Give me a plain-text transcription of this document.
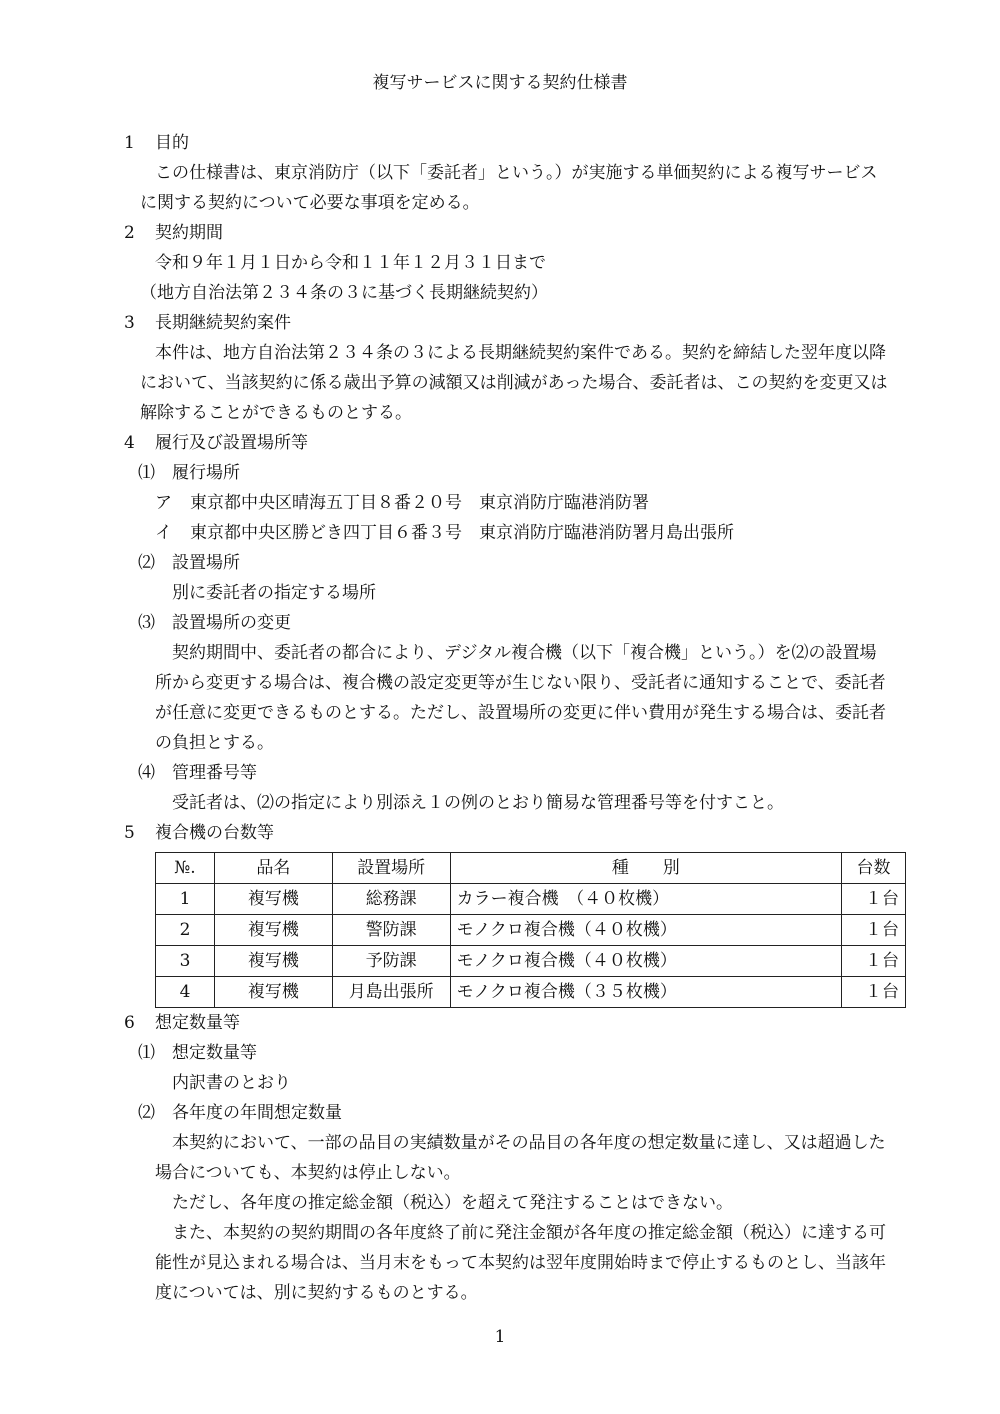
複写サービスに関する契約仕様書
1 目的
この仕様書は、東京消防庁（以下「委託者」という。）が実施する単価契約による複写サービス
に関する契約について必要な事項を定める。
2 契約期間
令和９年１月１日から令和１１年１２月３１日まで
（地方自治法第２３４条の３に基づく長期継続契約）
3 長期継続契約案件
本件は、地方自治法第２３４条の３による長期継続契約案件である。契約を締結した翌年度以降
において、当該契約に係る歳出予算の減額又は削減があった場合、委託者は、この契約を変更又は
解除することができるものとする。
4 履行及び設置場所等
⑴ 履行場所
ア 東京都中央区晴海五丁目８番２０号　東京消防庁臨港消防署
イ 東京都中央区勝どき四丁目６番３号　東京消防庁臨港消防署月島出張所
⑵ 設置場所
別に委託者の指定する場所
⑶ 設置場所の変更
契約期間中、委託者の都合により、デジタル複合機（以下「複合機」という。）を⑵の設置場
所から変更する場合は、複合機の設定変更等が生じない限り、受託者に通知することで、委託者
が任意に変更できるものとする。ただし、設置場所の変更に伴い費用が発生する場合は、委託者
の負担とする。
⑷ 管理番号等
受託者は、⑵の指定により別添え１の例のとおり簡易な管理番号等を付すこと。
5 複合機の台数等
№.	品名	設置場所	種　　別	台数
1	複写機	総務課	カラー複合機　（４０枚機）	１台
2	複写機	警防課	モノクロ複合機（４０枚機）	１台
3	複写機	予防課	モノクロ複合機（４０枚機）	１台
4	複写機	月島出張所	モノクロ複合機（３５枚機）	１台
6 想定数量等
⑴ 想定数量等
内訳書のとおり
⑵ 各年度の年間想定数量
本契約において、一部の品目の実績数量がその品目の各年度の想定数量に達し、又は超過した
場合についても、本契約は停止しない。
ただし、各年度の推定総金額（税込）を超えて発注することはできない。
また、本契約の契約期間の各年度終了前に発注金額が各年度の推定総金額（税込）に達する可
能性が見込まれる場合は、当月末をもって本契約は翌年度開始時まで停止するものとし、当該年
度については、別に契約するものとする。
1
